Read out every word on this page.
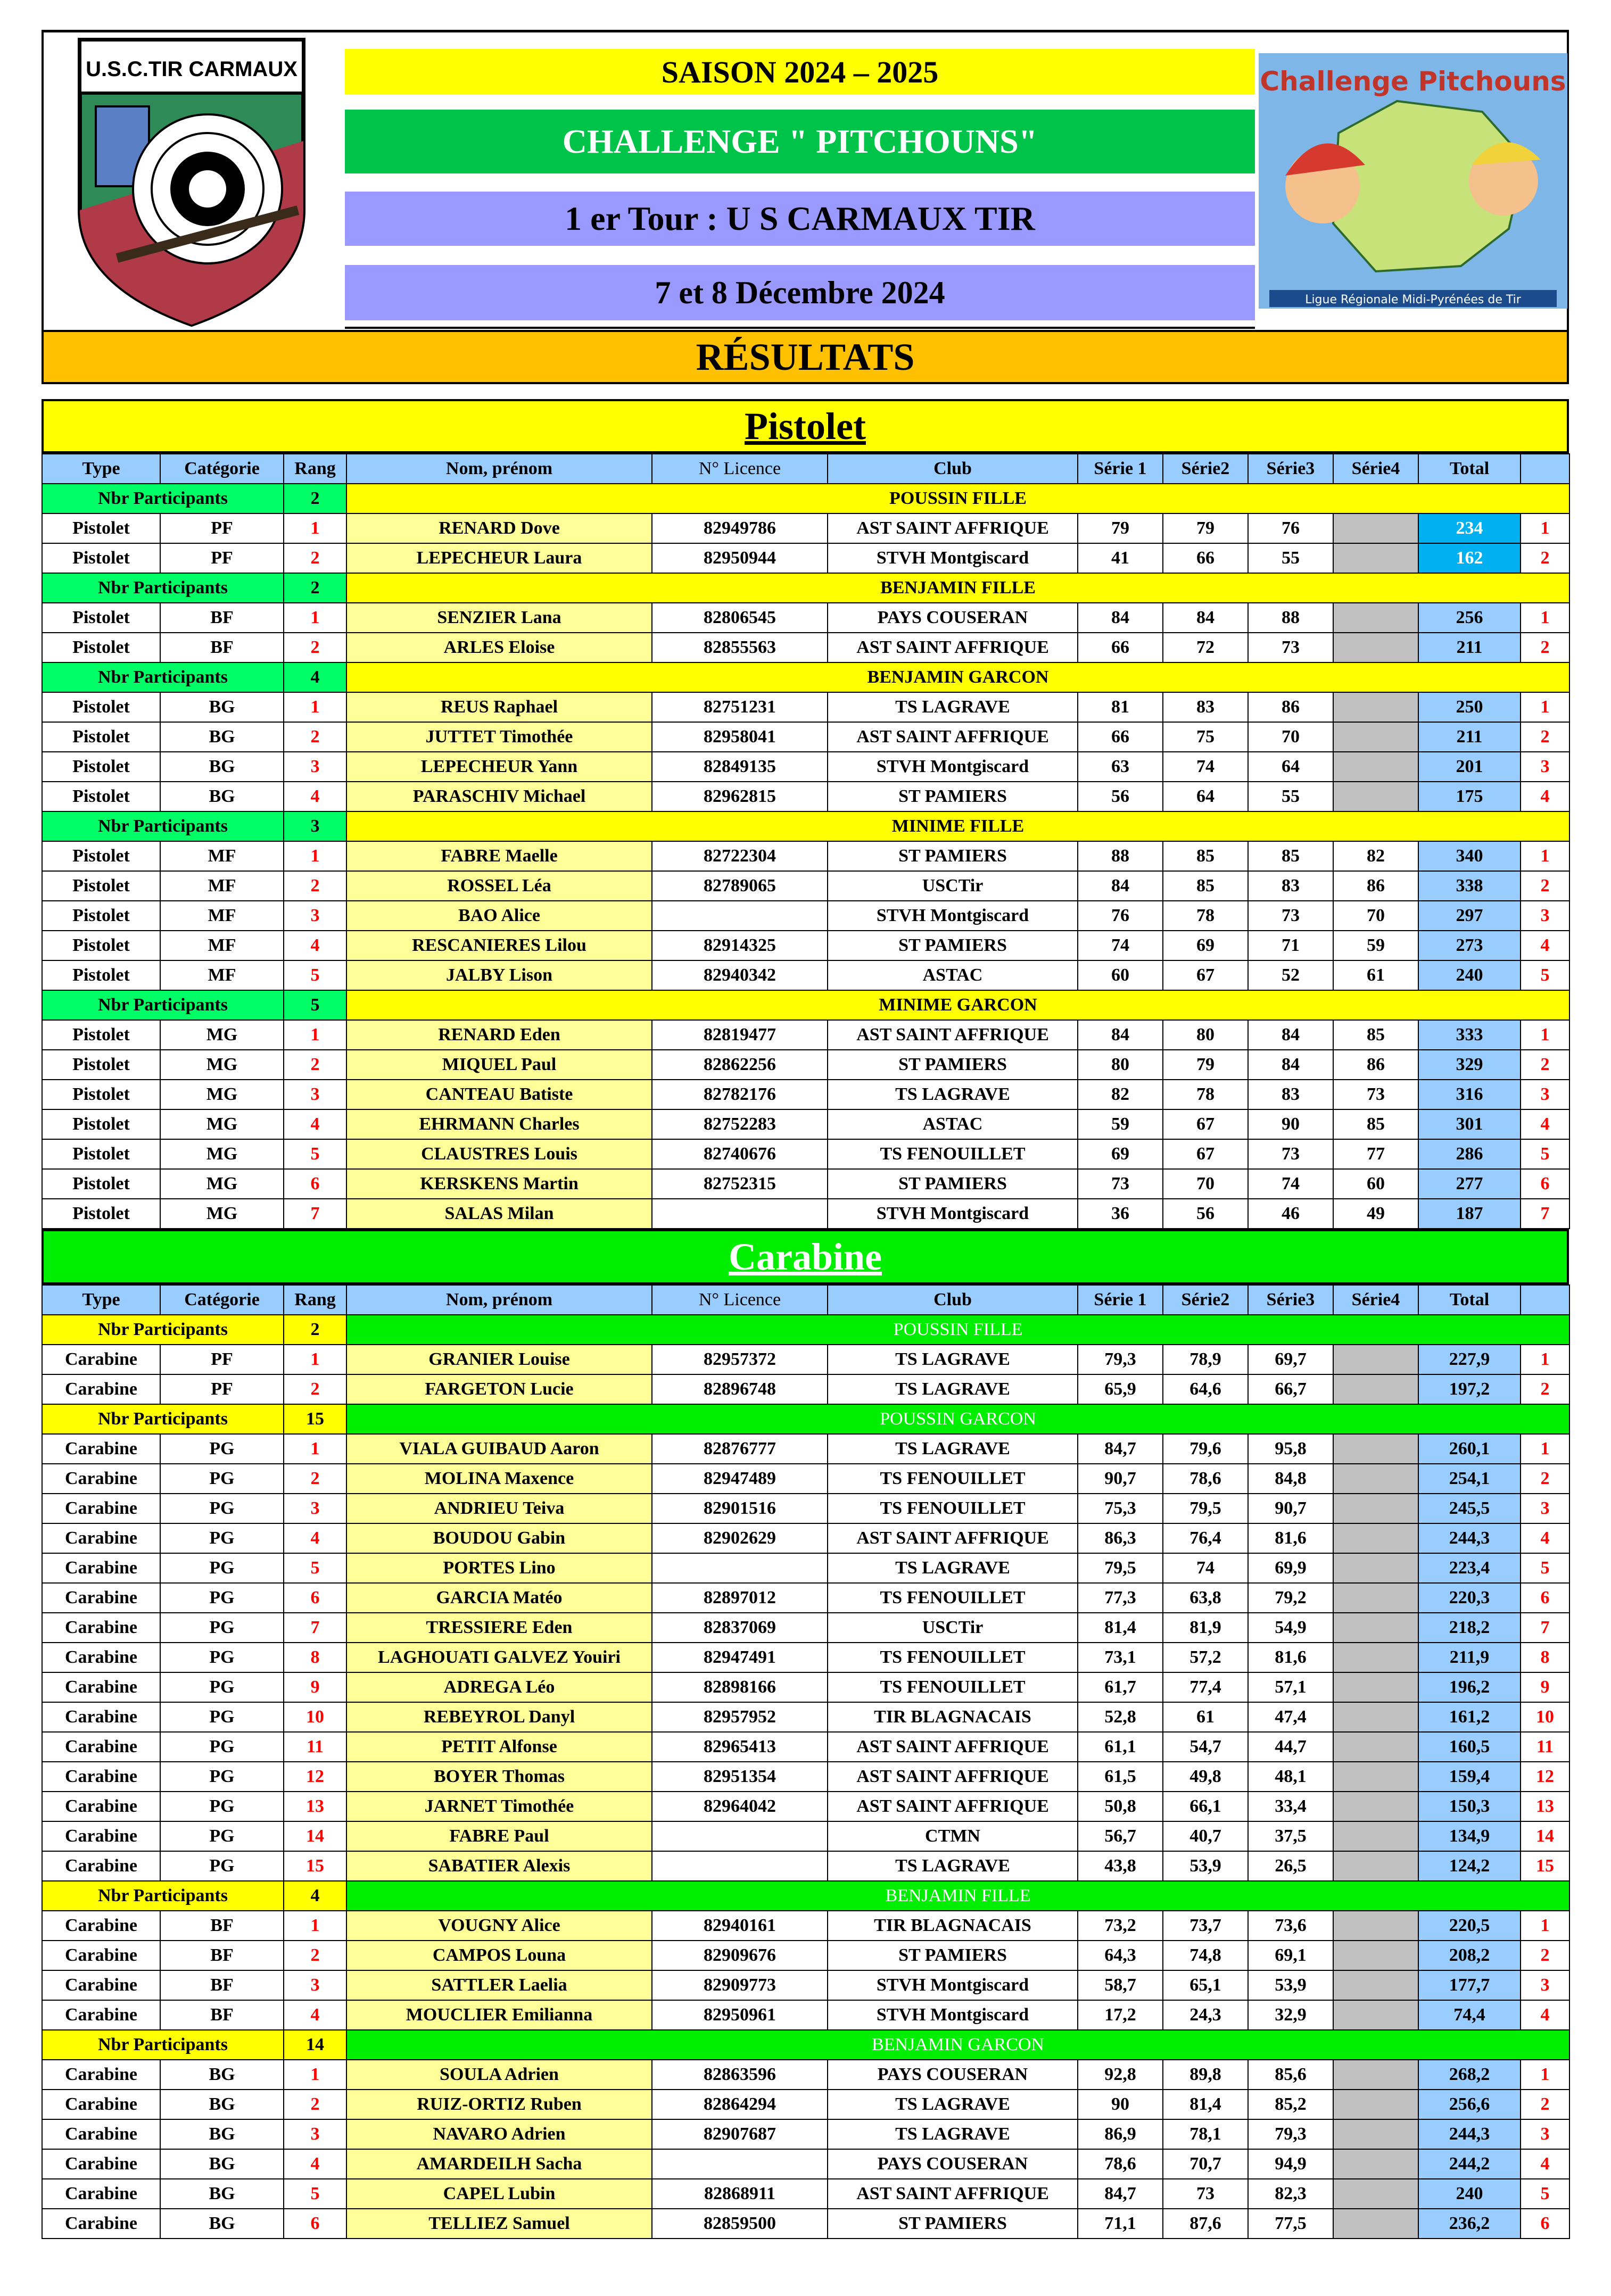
U.S.C.TIR CARMAUX	SAISON 2024 – 2025
CHALLENGE " PITCHOUNS"
1 er Tour : U S CARMAUX TIR
7 et 8 Décembre 2024
Challenge Pitchouns
Ligue Régionale Midi-Pyrénées de Tir
RÉSULTATS
Pistolet
Type	Catégorie	Rang	Nom, prénom	N° Licence	Club	Série 1	Série2	Série3	Série4	Total	
Nbr Participants		2	POUSSIN FILLE								
Pistolet	PF	1	RENARD Dove	82949786	AST SAINT AFFRIQUE	79	79	76		234	1
Pistolet	PF	2	LEPECHEUR Laura	82950944	STVH Montgiscard	41	66	55		162	2
Nbr Participants		2	BENJAMIN FILLE								
Pistolet	BF	1	SENZIER Lana	82806545	PAYS COUSERAN	84	84	88		256	1
Pistolet	BF	2	ARLES Eloise	82855563	AST SAINT AFFRIQUE	66	72	73		211	2
Nbr Participants		4	BENJAMIN GARCON								
Pistolet	BG	1	REUS Raphael	82751231	TS LAGRAVE	81	83	86		250	1
Pistolet	BG	2	JUTTET Timothée	82958041	AST SAINT AFFRIQUE	66	75	70		211	2
Pistolet	BG	3	LEPECHEUR Yann	82849135	STVH Montgiscard	63	74	64		201	3
Pistolet	BG	4	PARASCHIV Michael	82962815	ST PAMIERS	56	64	55		175	4
Nbr Participants		3	MINIME FILLE								
Pistolet	MF	1	FABRE Maelle	82722304	ST PAMIERS	88	85	85	82	340	1
Pistolet	MF	2	ROSSEL Léa	82789065	USCTir	84	85	83	86	338	2
Pistolet	MF	3	BAO Alice		STVH Montgiscard	76	78	73	70	297	3
Pistolet	MF	4	RESCANIERES Lilou	82914325	ST PAMIERS	74	69	71	59	273	4
Pistolet	MF	5	JALBY Lison	82940342	ASTAC	60	67	52	61	240	5
Nbr Participants		5	MINIME GARCON								
Pistolet	MG	1	RENARD Eden	82819477	AST SAINT AFFRIQUE	84	80	84	85	333	1
Pistolet	MG	2	MIQUEL Paul	82862256	ST PAMIERS	80	79	84	86	329	2
Pistolet	MG	3	CANTEAU Batiste	82782176	TS LAGRAVE	82	78	83	73	316	3
Pistolet	MG	4	EHRMANN Charles	82752283	ASTAC	59	67	90	85	301	4
Pistolet	MG	5	CLAUSTRES Louis	82740676	TS FENOUILLET	69	67	73	77	286	5
Pistolet	MG	6	KERSKENS Martin	82752315	ST PAMIERS	73	70	74	60	277	6
Pistolet	MG	7	SALAS Milan		STVH Montgiscard	36	56	46	49	187	7
Carabine
Type	Catégorie	Rang	Nom, prénom	N° Licence	Club	Série 1	Série2	Série3	Série4	Total	
Nbr Participants		2	POUSSIN FILLE								
Carabine	PF	1	GRANIER Louise	82957372	TS LAGRAVE	79,3	78,9	69,7		227,9	1
Carabine	PF	2	FARGETON Lucie	82896748	TS LAGRAVE	65,9	64,6	66,7		197,2	2
Nbr Participants		15	POUSSIN GARCON								
Carabine	PG	1	VIALA GUIBAUD Aaron	82876777	TS LAGRAVE	84,7	79,6	95,8		260,1	1
Carabine	PG	2	MOLINA Maxence	82947489	TS FENOUILLET	90,7	78,6	84,8		254,1	2
Carabine	PG	3	ANDRIEU Teiva	82901516	TS FENOUILLET	75,3	79,5	90,7		245,5	3
Carabine	PG	4	BOUDOU Gabin	82902629	AST SAINT AFFRIQUE	86,3	76,4	81,6		244,3	4
Carabine	PG	5	PORTES Lino		TS LAGRAVE	79,5	74	69,9		223,4	5
Carabine	PG	6	GARCIA Matéo	82897012	TS FENOUILLET	77,3	63,8	79,2		220,3	6
Carabine	PG	7	TRESSIERE Eden	82837069	USCTir	81,4	81,9	54,9		218,2	7
Carabine	PG	8	LAGHOUATI GALVEZ Youiri	82947491	TS FENOUILLET	73,1	57,2	81,6		211,9	8
Carabine	PG	9	ADREGA Léo	82898166	TS FENOUILLET	61,7	77,4	57,1		196,2	9
Carabine	PG	10	REBEYROL Danyl	82957952	TIR BLAGNACAIS	52,8	61	47,4		161,2	10
Carabine	PG	11	PETIT Alfonse	82965413	AST SAINT AFFRIQUE	61,1	54,7	44,7		160,5	11
Carabine	PG	12	BOYER Thomas	82951354	AST SAINT AFFRIQUE	61,5	49,8	48,1		159,4	12
Carabine	PG	13	JARNET Timothée	82964042	AST SAINT AFFRIQUE	50,8	66,1	33,4		150,3	13
Carabine	PG	14	FABRE Paul		CTMN	56,7	40,7	37,5		134,9	14
Carabine	PG	15	SABATIER Alexis		TS LAGRAVE	43,8	53,9	26,5		124,2	15
Nbr Participants		4	BENJAMIN FILLE								
Carabine	BF	1	VOUGNY Alice	82940161	TIR BLAGNACAIS	73,2	73,7	73,6		220,5	1
Carabine	BF	2	CAMPOS Louna	82909676	ST PAMIERS	64,3	74,8	69,1		208,2	2
Carabine	BF	3	SATTLER Laelia	82909773	STVH Montgiscard	58,7	65,1	53,9		177,7	3
Carabine	BF	4	MOUCLIER Emilianna	82950961	STVH Montgiscard	17,2	24,3	32,9		74,4	4
Nbr Participants		14	BENJAMIN GARCON								
Carabine	BG	1	SOULA Adrien	82863596	PAYS COUSERAN	92,8	89,8	85,6		268,2	1
Carabine	BG	2	RUIZ-ORTIZ Ruben	82864294	TS LAGRAVE	90	81,4	85,2		256,6	2
Carabine	BG	3	NAVARO Adrien	82907687	TS LAGRAVE	86,9	78,1	79,3		244,3	3
Carabine	BG	4	AMARDEILH Sacha		PAYS COUSERAN	78,6	70,7	94,9		244,2	4
Carabine	BG	5	CAPEL Lubin	82868911	AST SAINT AFFRIQUE	84,7	73	82,3		240	5
Carabine	BG	6	TELLIEZ Samuel	82859500	ST PAMIERS	71,1	87,6	77,5		236,2	6
